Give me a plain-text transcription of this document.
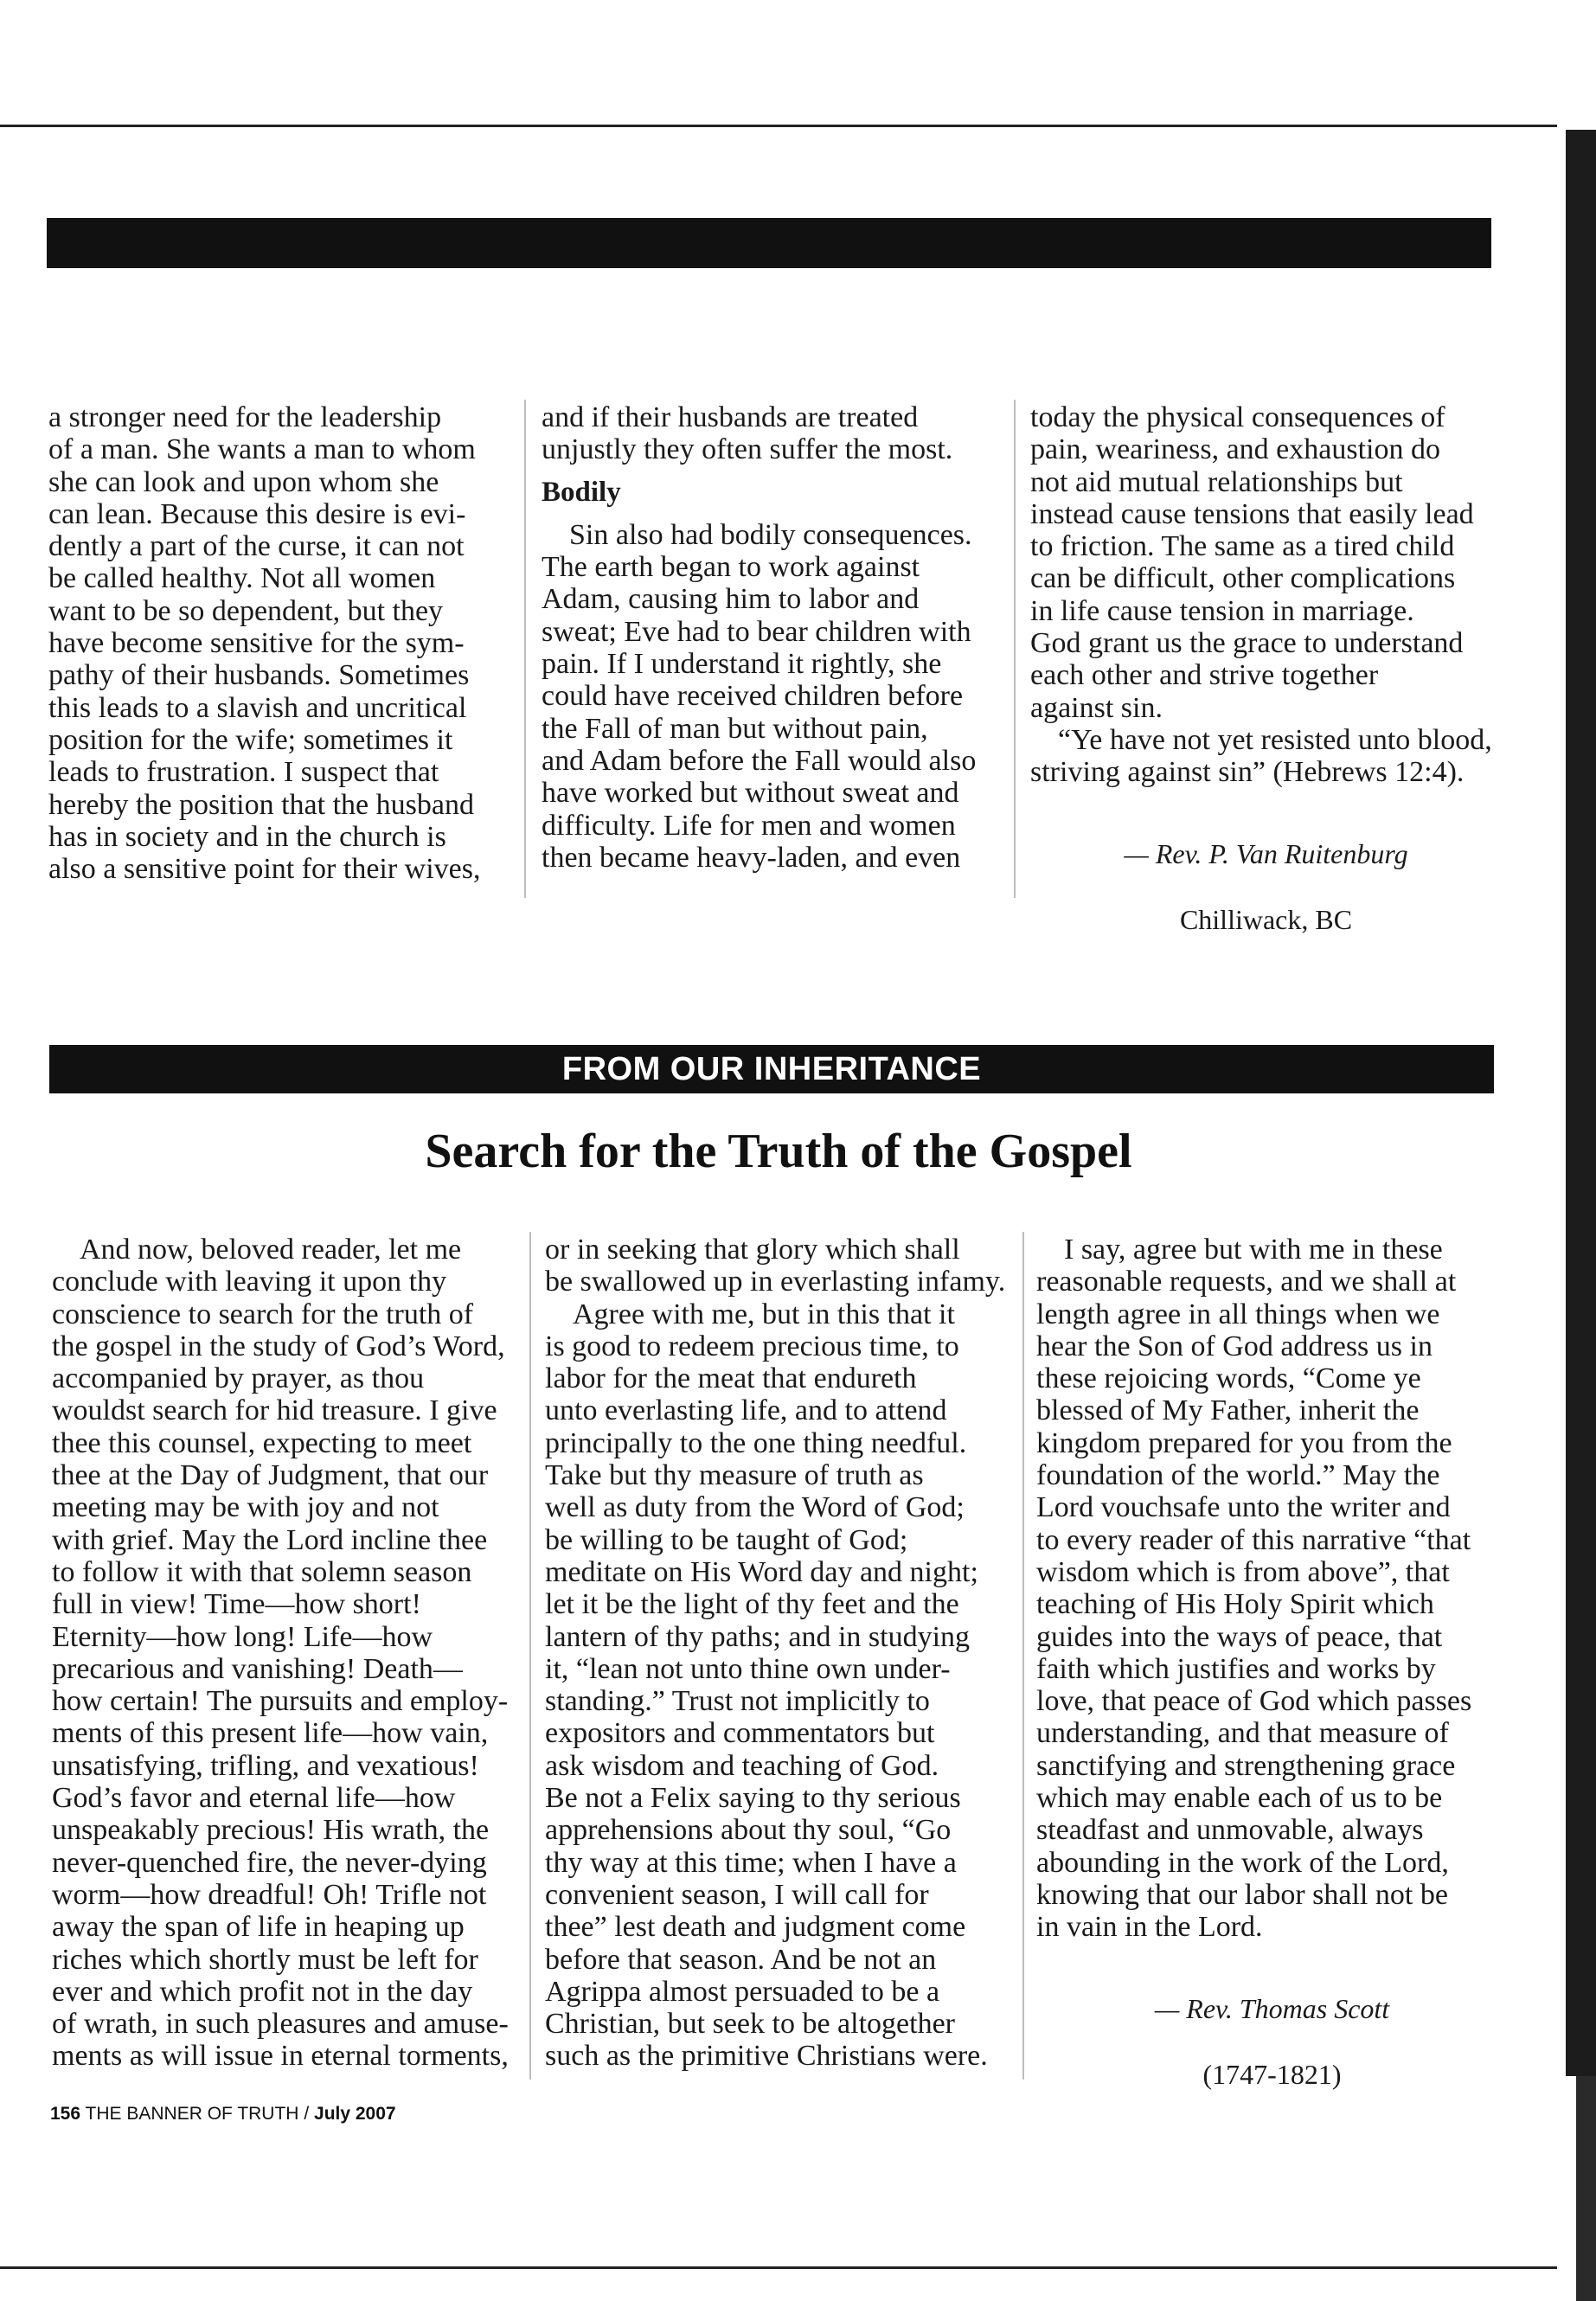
a stronger need for the leadership
of a man. She wants a man to whom
she can look and upon whom she
can lean. Because this desire is evi-
dently a part of the curse, it can not
be called healthy. Not all women
want to be so dependent, but they
have become sensitive for the sym-
pathy of their husbands. Sometimes
this leads to a slavish and uncritical
position for the wife; sometimes it
leads to frustration. I suspect that
hereby the position that the husband
has in society and in the church is
also a sensitive point for their wives,

and if their husbands are treated
unjustly they often suffer the most.

Bodily

Sin also had bodily consequences.
The earth began to work against
Adam, causing him to labor and
sweat; Eve had to bear children with
pain. If I understand it rightly, she
could have received children before
the Fall of man but without pain,
and Adam before the Fall would also
have worked but without sweat and
difficulty. Life for men and women
then became heavy-laden, and even

today the physical consequences of
pain, weariness, and exhaustion do
not aid mutual relationships but
instead cause tensions that easily lead
to friction. The same as a tired child
can be difficult, other complications
in life cause tension in marriage.
God grant us the grace to understand
each other and strive together
against sin.

“Ye have not yet resisted unto blood,
striving against sin” (Hebrews 12:4).

— Rev. P. Van Ruitenburg

Chilliwack, BC

FROM OUR INHERITANCE
Search for the Truth of the Gospel

And now, beloved reader, let me
conclude with leaving it upon thy
conscience to search for the truth of
the gospel in the study of God’s Word,
accompanied by prayer, as thou
wouldst search for hid treasure. I give
thee this counsel, expecting to meet
thee at the Day of Judgment, that our
meeting may be with joy and not
with grief. May the Lord incline thee
to follow it with that solemn season
full in view! Time—how short!
Eternity—how long! Life—how
precarious and vanishing! Death—
how certain! The pursuits and employ-
ments of this present life—how vain,
unsatisfying, trifling, and vexatious!
God’s favor and eternal life—how
unspeakably precious! His wrath, the
never-quenched fire, the never-dying
worm—how dreadful! Oh! Trifle not
away the span of life in heaping up
riches which shortly must be left for
ever and which profit not in the day
of wrath, in such pleasures and amuse-
ments as will issue in eternal torments,

or in seeking that glory which shall
be swallowed up in everlasting infamy.

Agree with me, but in this that it
is good to redeem precious time, to
labor for the meat that endureth
unto everlasting life, and to attend
principally to the one thing needful.
Take but thy measure of truth as
well as duty from the Word of God;
be willing to be taught of God;
meditate on His Word day and night;
let it be the light of thy feet and the
lantern of thy paths; and in studying
it, “lean not unto thine own under-
standing.” Trust not implicitly to
expositors and commentators but
ask wisdom and teaching of God.
Be not a Felix saying to thy serious
apprehensions about thy soul, “Go
thy way at this time; when I have a
convenient season, I will call for
thee” lest death and judgment come
before that season. And be not an
Agrippa almost persuaded to be a
Christian, but seek to be altogether
such as the primitive Christians were.

I say, agree but with me in these
reasonable requests, and we shall at
length agree in all things when we
hear the Son of God address us in
these rejoicing words, “Come ye
blessed of My Father, inherit the
kingdom prepared for you from the
foundation of the world.” May the
Lord vouchsafe unto the writer and
to every reader of this narrative “that
wisdom which is from above”, that
teaching of His Holy Spirit which
guides into the ways of peace, that
faith which justifies and works by
love, that peace of God which passes
understanding, and that measure of
sanctifying and strengthening grace
which may enable each of us to be
steadfast and unmovable, always
abounding in the work of the Lord,
knowing that our labor shall not be
in vain in the Lord.

— Rev. Thomas Scott

(1747-1821)

156 THE BANNER OF TRUTH / July 2007
